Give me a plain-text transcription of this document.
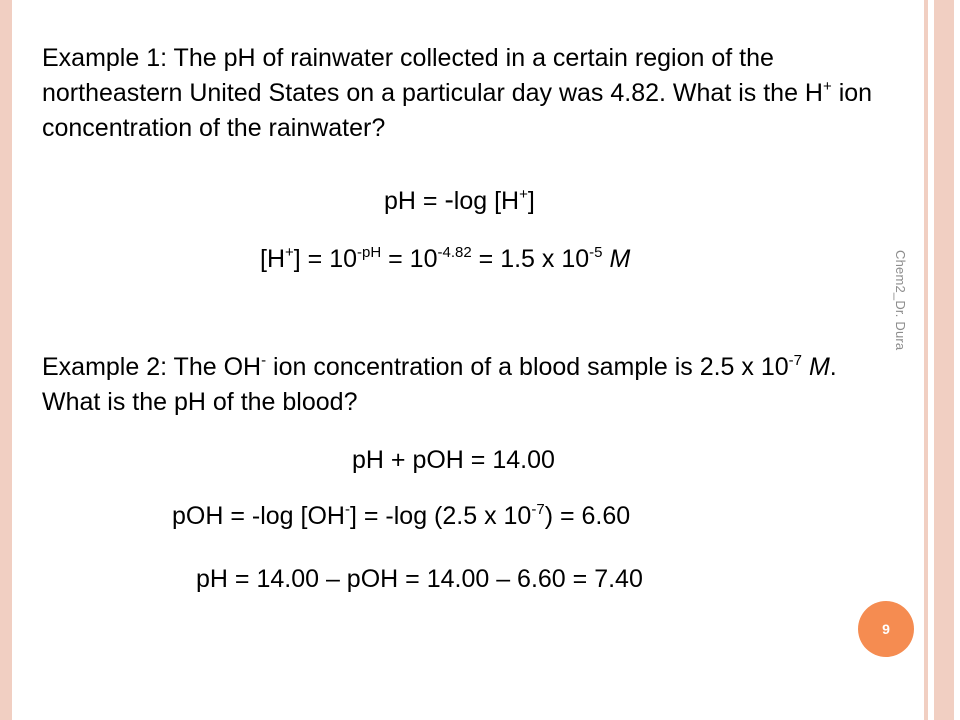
Example 1: The pH of rainwater collected in a certain region of the northeastern United States on a particular day was 4.82. What is the H+ ion concentration of the rainwater?

pH = -log [H+]
$[H^+] = 10^{-pH} = 10^{-4.82} = 1.5$ x $10^{-5}$ M

Example 2: The OH- ion concentration of a blood sample is 2.5 x $10^{-7}$ M. What is the pH of the blood?

pH + pOH = 14.00
pOH = -log [OH-] = -log (2.5 x $10^{-7}) = 6.60$
pH = 14.00 – pOH = 14.00 – 6.60 = 7.40
Chem2_Dr. Dura
9
